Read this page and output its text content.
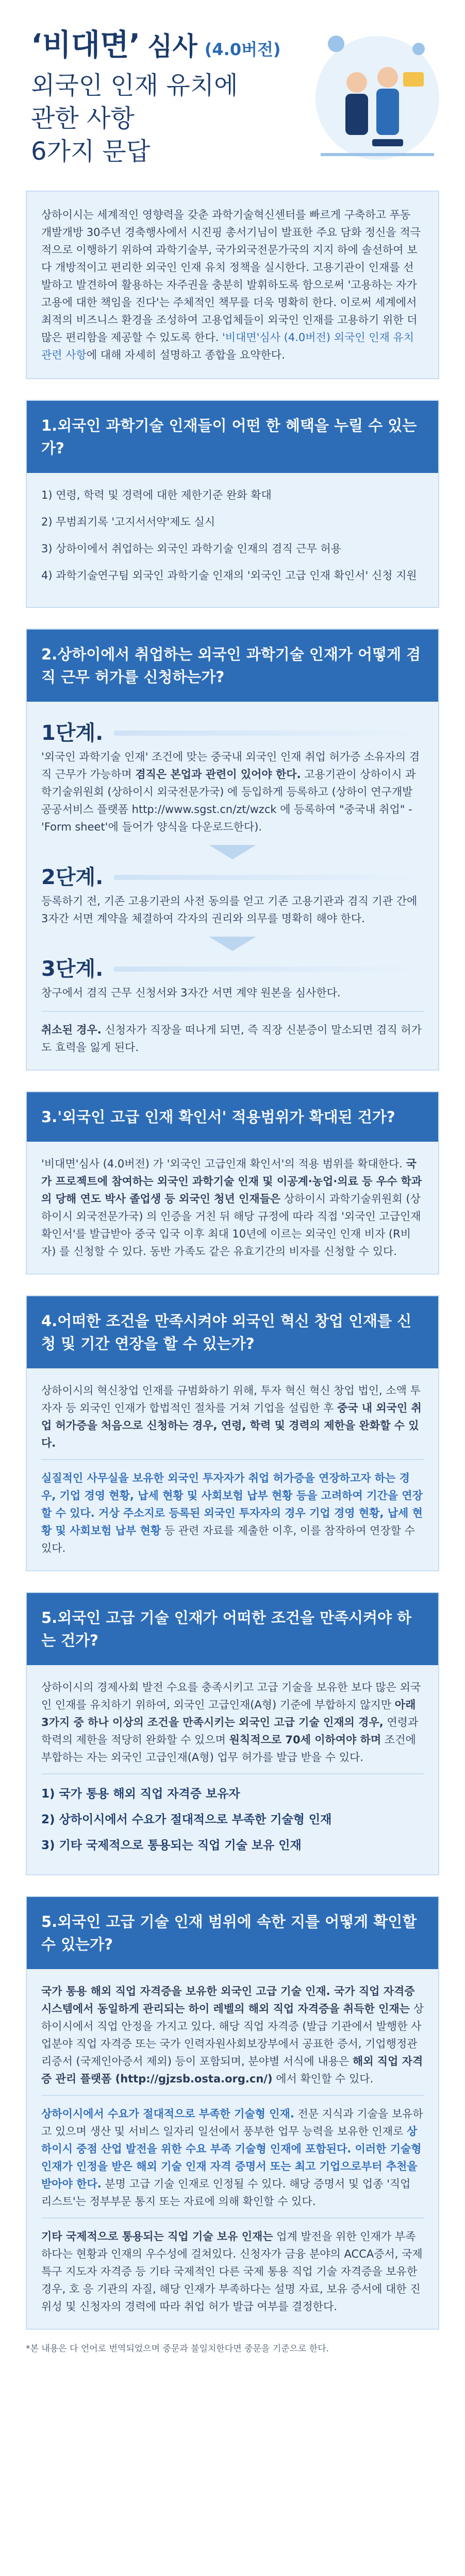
‘비대면’ 심사 (4.0버전)
외국인 인재 유치에
관한 사항
6가지 문답
상하이시는 세계적인 영향력을 갖춘 과학기술혁신센터를 빠르게 구축하고 푸동 개발개방 30주년 경축행사에서 시진핑 총서기님이 발표한 주요 담화 정신을 적극적으로 이행하기 위하여 과학기술부, 국가외국전문가국의 지지 하에 솔선하여 보다 개방적이고 편리한 외국인 인재 유치 정책을 실시한다. 고용기관이 인재를 선발하고 발견하여 활용하는 자주권을 충분히 발휘하도록 함으로써 '고용하는 자가 고용에 대한 책임을 진다'는 주체적인 책무를 더욱 명확히 한다. 이로써 세계에서 최적의 비즈니스 환경을 조성하여 고용업체들이 외국인 인재를 고용하기 위한 더 많은 편리함을 제공할 수 있도록 한다. '비대면'심사 (4.0버전) 외국인 인재 유치 관련 사항에 대해 자세히 설명하고 종합을 요약한다.
1.외국인 과학기술 인재들이 어떤 한 혜택을 누릴 수 있는가?
1) 연령, 학력 및 경력에 대한 제한기준 완화 확대
2) 무범죄기록 '고지서서약'제도 실시
3) 상하이에서 취업하는 외국인 과학기술 인재의 겸직 근무 허용
4) 과학기술연구팀 외국인 과학기술 인재의 '외국인 고급 인재 확인서' 신청 지원
2.상하이에서 취업하는 외국인 과학기술 인재가 어떻게 겸직 근무 허가를 신청하는가?
1단계.
'외국인 과학기술 인재' 조건에 맞는 중국내 외국인 인재 취업 허가증 소유자의 겸직 근무가 가능하며 겸직은 본업과 관련이 있어야 한다. 고용기관이 상하이시 과학기술위원회 (상하이시 외국전문가국) 에 등입하게 등록하고 (상하이 연구개발 공공서비스 플랫폼 http://www.sgst.cn/zt/wzck 에 등록하여 "중국내 취업" - 'Form sheet'에 들어가 양식을 다운로드한다).
2단계.
등록하기 전, 기존 고용기관의 사전 동의를 얻고 기존 고용기관과 겸직 기관 간에 3자간 서면 계약을 체결하여 각자의 권리와 의무를 명확히 해야 한다.
3단계.
창구에서 겸직 근무 신청서와 3자간 서면 계약 원본을 심사한다.
취소된 경우. 신청자가 직장을 떠나게 되면, 즉 직장 신분증이 말소되면 겸직 허가도 효력을 잃게 된다.
3.'외국인 고급 인재 확인서' 적용범위가 확대된 건가?
'비대면'심사 (4.0버전) 가 '외국인 고급인재 확인서'의 적용 범위를 확대한다. 국가 프로젝트에 참여하는 외국인 과학기술 인재 및 이공계·농업·의료 등 우수 학과의 당해 연도 박사 졸업생 등 외국인 청년 인재들은 상하이시 과학기술위원회 (상하이시 외국전문가국) 의 인증을 거친 뒤 해당 규정에 따라 직접 '외국인 고급인재 확인서'를 발급받아 중국 입국 이후 최대 10년에 이르는 외국인 인재 비자 (R비자) 를 신청할 수 있다. 동반 가족도 같은 유효기간의 비자를 신청할 수 있다.
4.어떠한 조건을 만족시켜야 외국인 혁신 창업 인재를 신청 및 기간 연장을 할 수 있는가?
상하이시의 혁신창업 인재를 규범화하기 위해, 투자 혁신 혁신 창업 법인, 소액 투자자 등 외국인 인재가 합법적인 절차를 거쳐 기업을 설립한 후 중국 내 외국인 취업 허가증을 처음으로 신청하는 경우, 연령, 학력 및 경력의 제한을 완화할 수 있다.
실질적인 사무실을 보유한 외국인 투자자가 취업 허가증을 연장하고자 하는 경우, 기업 경영 현황, 납세 현황 및 사회보험 납부 현황 등을 고려하여 기간을 연장할 수 있다. 거상 주소지로 등록된 외국인 투자자의 경우 기업 경영 현황, 납세 현황 및 사회보험 납부 현황 등 관련 자료를 제출한 이후, 이를 참작하여 연장할 수 있다.
5.외국인 고급 기술 인재가 어떠한 조건을 만족시켜야 하는 건가?
상하이시의 경제사회 발전 수요를 충족시키고 고급 기술을 보유한 보다 많은 외국인 인재를 유치하기 위하여, 외국인 고급인재(A형) 기준에 부합하지 않지만 아래 3가지 중 하나 이상의 조건을 만족시키는 외국인 고급 기술 인재의 경우, 연령과 학력의 제한을 적당히 완화할 수 있으며 원칙적으로 70세 이하여야 하며 조건에 부합하는 자는 외국인 고급인재(A형) 업무 허가를 발급 받을 수 있다.
1) 국가 통용 해외 직업 자격증 보유자
2) 상하이시에서 수요가 절대적으로 부족한 기술형 인재
3) 기타 국제적으로 통용되는 직업 기술 보유 인재
5.외국인 고급 기술 인재 범위에 속한 지를 어떻게 확인할 수 있는가?
국가 통용 해외 직업 자격증을 보유한 외국인 고급 기술 인재. 국가 직업 자격증 시스템에서 동일하게 관리되는 하이 레벨의 해외 직업 자격증을 취득한 인재는 상하이시에서 직업 안정을 가지고 있다. 해당 직업 자격증 (발급 기관에서 발행한 사업분야 직업 자격증 또는 국가 인력자원사회보장부에서 공표한 증서, 기업행정관리증서 (국제인아증서 제외) 등이 포함되며, 분야별 서식에 내용은 해외 직업 자격증 관리 플랫폼 (http://gjzsb.osta.org.cn/) 에서 확인할 수 있다.
상하이시에서 수요가 절대적으로 부족한 기술형 인재. 전문 지식과 기술을 보유하고 있으며 생산 및 서비스 일자리 일선에서 풍부한 업무 능력을 보유한 인재로 상하이시 중점 산업 발전을 위한 수요 부족 기술형 인재에 포함된다. 이러한 기술형 인재가 인정을 받은 해외 기술 인재 자격 증명서 또는 최고 기업으로부터 추천을 받아야 한다. 분명 고급 기술 인재로 인정될 수 있다. 해당 증명서 및 업종 '직업 리스트'는 정부부문 통지 또는 자료에 의해 확인할 수 있다.
기타 국제적으로 통용되는 직업 기술 보유 인재는 업계 발전을 위한 인재가 부족하다는 현황과 인재의 우수성에 걸쳐있다. 신청자가 금융 분야의 ACCA증서, 국제 특구 지도자 자격증 등 기타 국제적인 다른 국제 통용 직업 기술 자격증을 보유한 경우, 호 응 기관의 자질, 해당 인재가 부족하다는 설명 자료, 보유 증서에 대한 진위성 및 신청자의 경력에 따라 취업 허가 발급 여부를 결정한다.
*본 내용은 다 언어로 번역되었으며 중문과 불일치한다면 중문을 기준으로 한다.
